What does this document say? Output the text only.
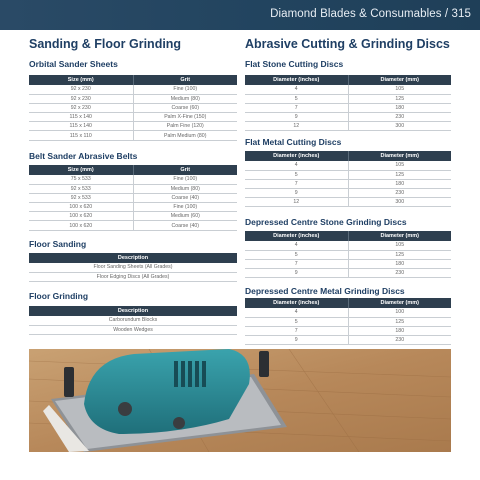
Diamond Blades & Consumables / 315
Sanding & Floor Grinding
Orbital Sander Sheets
Size (mm)	Grit
92 x 230	Fine (100)
92 x 230	Medium (80)
92 x 230	Coarse (60)
115 x 140	Palm X-Fine (150)
115 x 140	Palm Fine (120)
115 x 110	Palm Medium (80)
Belt Sander Abrasive Belts
Size (mm)	Grit
75 x 533	Fine (100)
92 x 533	Medium (80)
92 x 533	Coarse (40)
100 x 620	Fine (100)
100 x 620	Medium (60)
100 x 620	Coarse (40)
Floor Sanding
Description
Floor Sanding Sheets (All Grades)
Floor Edging Discs (All Grades)
Floor Grinding
Description
Carborundum Blocks
Wooden Wedges
Abrasive Cutting & Grinding Discs
Flat Stone Cutting Discs
Diameter (inches)	Diameter (mm)
4	105
5	125
7	180
9	230
12	300
Flat Metal Cutting Discs
Diameter (inches)	Diameter (mm)
4	105
5	125
7	180
9	230
12	300
Depressed Centre Stone Grinding Discs
Diameter (inches)	Diameter (mm)
4	105
5	125
7	180
9	230
Depressed Centre Metal Grinding Discs
Diameter (inches)	Diameter (mm)
4	100
5	125
7	180
9	230
